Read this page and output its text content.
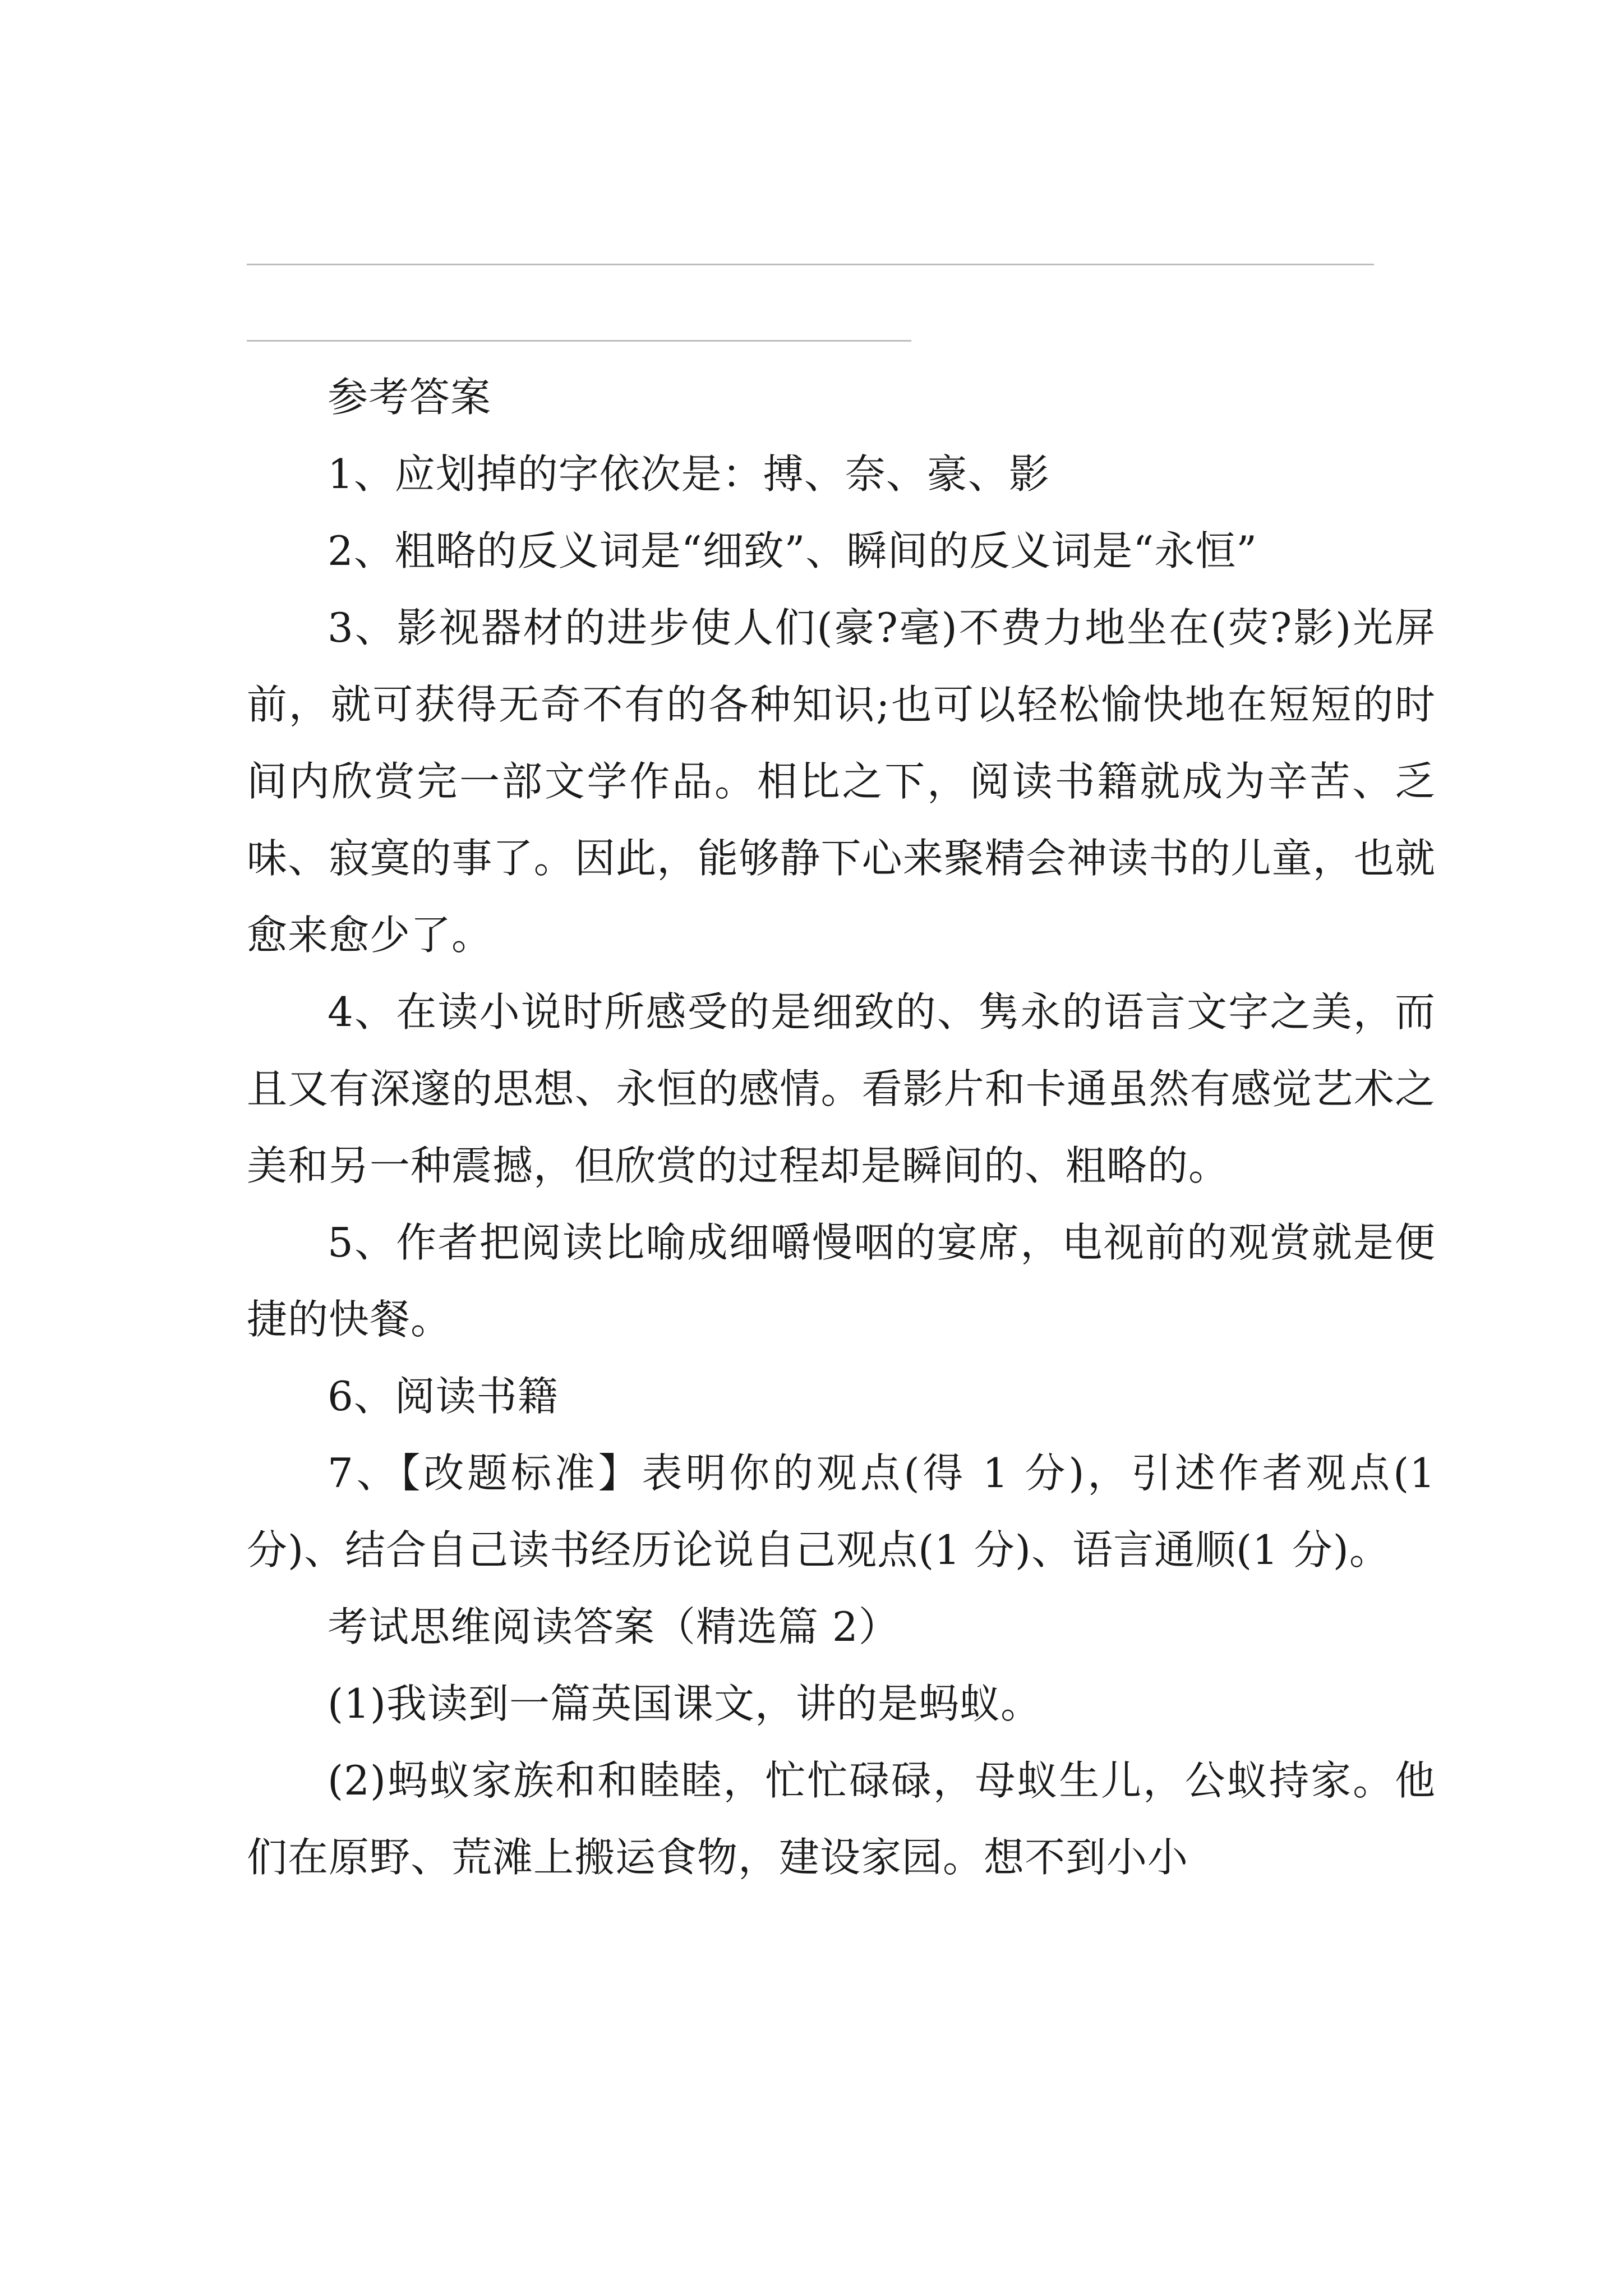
参考答案

1、应划掉的字依次是：搏、奈、豪、影

2、粗略的反义词是“细致”、瞬间的反义词是“永恒”

3、影视器材的进步使人们(豪?毫)不费力地坐在(荧?影)光屏前，就可获得无奇不有的各种知识;也可以轻松愉快地在短短的时间内欣赏完一部文学作品。相比之下，阅读书籍就成为辛苦、乏味、寂寞的事了。因此，能够静下心来聚精会神读书的儿童，也就愈来愈少了。

4、在读小说时所感受的是细致的、隽永的语言文字之美，而且又有深邃的思想、永恒的感情。看影片和卡通虽然有感觉艺术之美和另一种震撼，但欣赏的过程却是瞬间的、粗略的。

5、作者把阅读比喻成细嚼慢咽的宴席，电视前的观赏就是便捷的快餐。

6、阅读书籍

7、【改题标准】表明你的观点(得 1 分)，引述作者观点(1 分)、结合自己读书经历论说自己观点(1 分)、语言通顺(1 分)。

考试思维阅读答案（精选篇 2）

(1)我读到一篇英国课文，讲的是蚂蚁。

(2)蚂蚁家族和和睦睦，忙忙碌碌，母蚁生儿，公蚁持家。他们在原野、荒滩上搬运食物，建设家园。想不到小小
